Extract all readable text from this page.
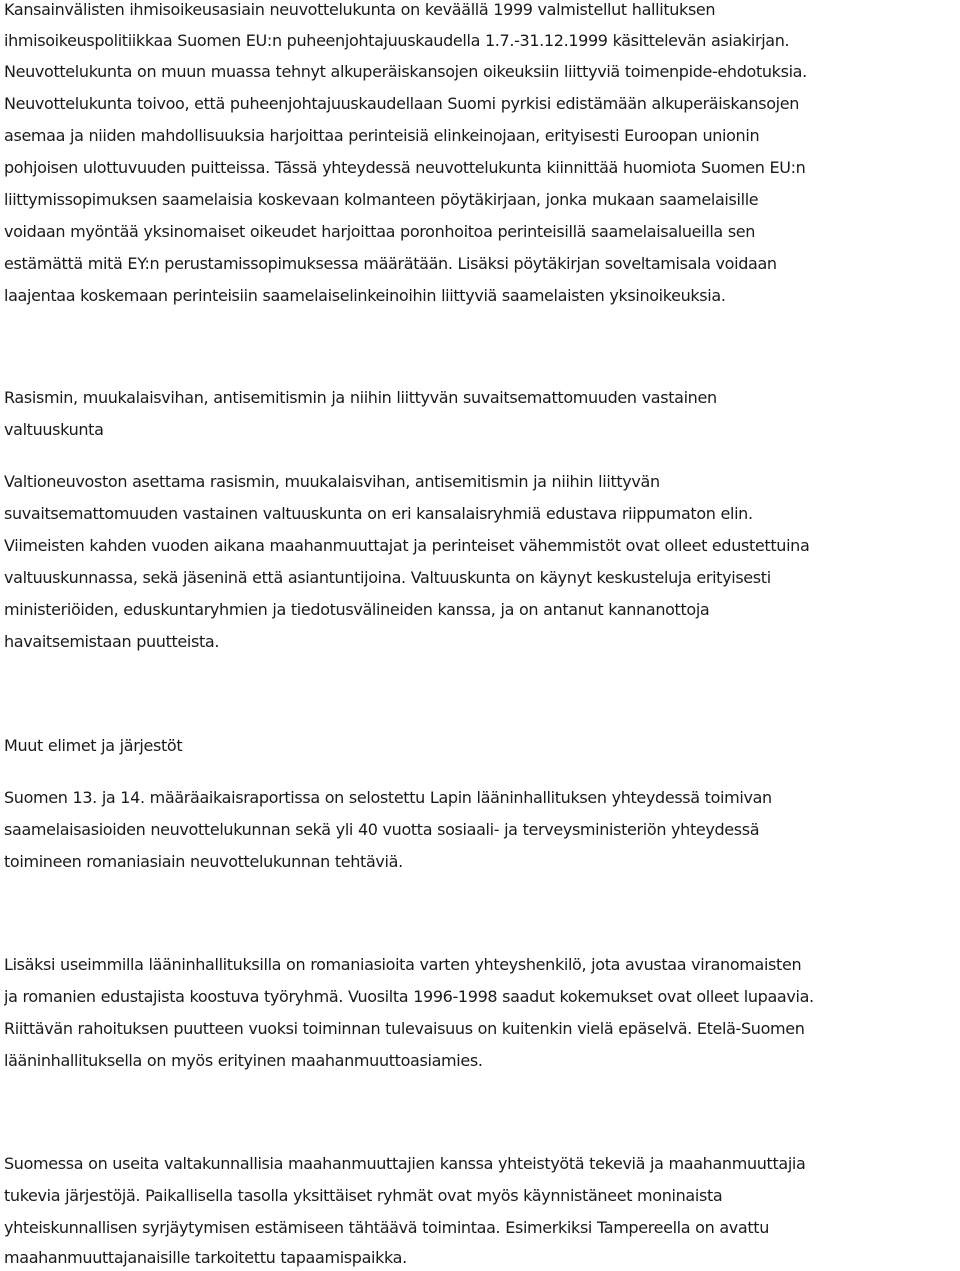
Kansainvälisten ihmisoikeusasiain neuvottelukunta on keväällä 1999 valmistellut hallituksen
ihmisoikeuspolitiikkaa Suomen EU:n puheenjohtajuuskaudella 1.7.-31.12.1999 käsittelevän asiakirjan.
Neuvottelukunta on muun muassa tehnyt alkuperäiskansojen oikeuksiin liittyviä toimenpide-ehdotuksia.
Neuvottelukunta toivoo, että puheenjohtajuuskaudellaan Suomi pyrkisi edistämään alkuperäiskansojen
asemaa ja niiden mahdollisuuksia harjoittaa perinteisiä elinkeinojaan, erityisesti Euroopan unionin
pohjoisen ulottuvuuden puitteissa. Tässä yhteydessä neuvottelukunta kiinnittää huomiota Suomen EU:n
liittymissopimuksen saamelaisia koskevaan kolmanteen pöytäkirjaan, jonka mukaan saamelaisille
voidaan myöntää yksinomaiset oikeudet harjoittaa poronhoitoa perinteisillä saamelaisalueilla sen
estämättä mitä EY:n perustamissopimuksessa määrätään. Lisäksi pöytäkirjan soveltamisala voidaan
laajentaa koskemaan perinteisiin saamelaiselinkeinoihin liittyviä saamelaisten yksinoikeuksia.
Rasismin, muukalaisvihan, antisemitismin ja niihin liittyvän suvaitsemattomuuden vastainen
valtuuskunta
Valtioneuvoston asettama rasismin, muukalaisvihan, antisemitismin ja niihin liittyvän
suvaitsemattomuuden vastainen valtuuskunta on eri kansalaisryhmiä edustava riippumaton elin.
Viimeisten kahden vuoden aikana maahanmuuttajat ja perinteiset vähemmistöt ovat olleet edustettuina
valtuuskunnassa, sekä jäseninä että asiantuntijoina. Valtuuskunta on käynyt keskusteluja erityisesti
ministeriöiden, eduskuntaryhmien ja tiedotusvälineiden kanssa, ja on antanut kannanottoja
havaitsemistaan puutteista.
Muut elimet ja järjestöt
Suomen 13. ja 14. määräaikaisraportissa on selostettu Lapin lääninhallituksen yhteydessä toimivan
saamelaisasioiden neuvottelukunnan sekä yli 40 vuotta sosiaali- ja terveysministeriön yhteydessä
toimineen romaniasiain neuvottelukunnan tehtäviä.
Lisäksi useimmilla lääninhallituksilla on romaniasioita varten yhteyshenkilö, jota avustaa viranomaisten
ja romanien edustajista koostuva työryhmä. Vuosilta 1996-1998 saadut kokemukset ovat olleet lupaavia.
Riittävän rahoituksen puutteen vuoksi toiminnan tulevaisuus on kuitenkin vielä epäselvä. Etelä-Suomen
lääninhallituksella on myös erityinen maahanmuuttoasiamies.
Suomessa on useita valtakunnallisia maahanmuuttajien kanssa yhteistyötä tekeviä ja maahanmuuttajia
tukevia järjestöjä. Paikallisella tasolla yksittäiset ryhmät ovat myös käynnistäneet moninaista
yhteiskunnallisen syrjäytymisen estämiseen tähtäävä toimintaa. Esimerkiksi Tampereella on avattu
maahanmuuttajanaisille tarkoitettu tapaamispaikka.
